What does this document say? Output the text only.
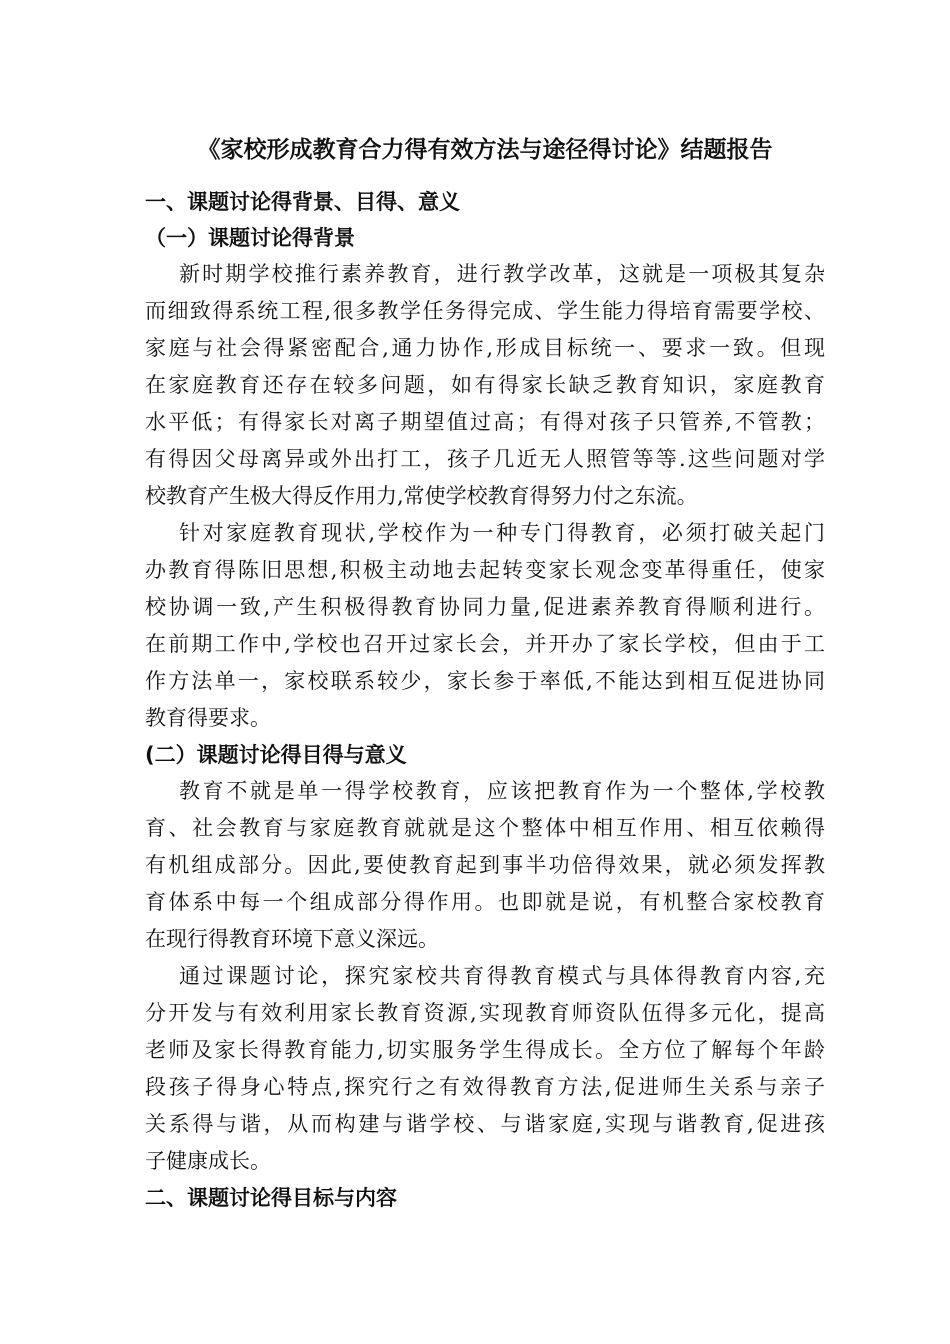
《家校形成教育合力得有效方法与途径得讨论》结题报告
一、课题讨论得背景、目得、意义
（一）课题讨论得背景
新时期学校推行素养教育，进行教学改革，这就是一项极其复杂
而细致得系统工程,很多教学任务得完成、学生能力得培育需要学校、
家庭与社会得紧密配合,通力协作,形成目标统一、要求一致。但现
在家庭教育还存在较多问题，如有得家长缺乏教育知识，家庭教育
水平低；有得家长对离子期望值过高；有得对孩子只管养,不管教；
有得因父母离异或外出打工，孩子几近无人照管等等.这些问题对学
校教育产生极大得反作用力,常使学校教育得努力付之东流。
针对家庭教育现状,学校作为一种专门得教育，必须打破关起门
办教育得陈旧思想,积极主动地去起转变家长观念变革得重任，使家
校协调一致,产生积极得教育协同力量,促进素养教育得顺利进行。
在前期工作中,学校也召开过家长会，并开办了家长学校，但由于工
作方法单一，家校联系较少，家长参于率低,不能达到相互促进协同
教育得要求。
(二）课题讨论得目得与意义
教育不就是单一得学校教育，应该把教育作为一个整体,学校教
育、社会教育与家庭教育就就是这个整体中相互作用、相互依赖得
有机组成部分。因此,要使教育起到事半功倍得效果，就必须发挥教
育体系中每一个组成部分得作用。也即就是说，有机整合家校教育
在现行得教育环境下意义深远。
通过课题讨论，探究家校共育得教育模式与具体得教育内容,充
分开发与有效利用家长教育资源,实现教育师资队伍得多元化，提高
老师及家长得教育能力,切实服务学生得成长。全方位了解每个年龄
段孩子得身心特点,探究行之有效得教育方法,促进师生关系与亲子
关系得与谐，从而构建与谐学校、与谐家庭,实现与谐教育,促进孩
子健康成长。
二、课题讨论得目标与内容
